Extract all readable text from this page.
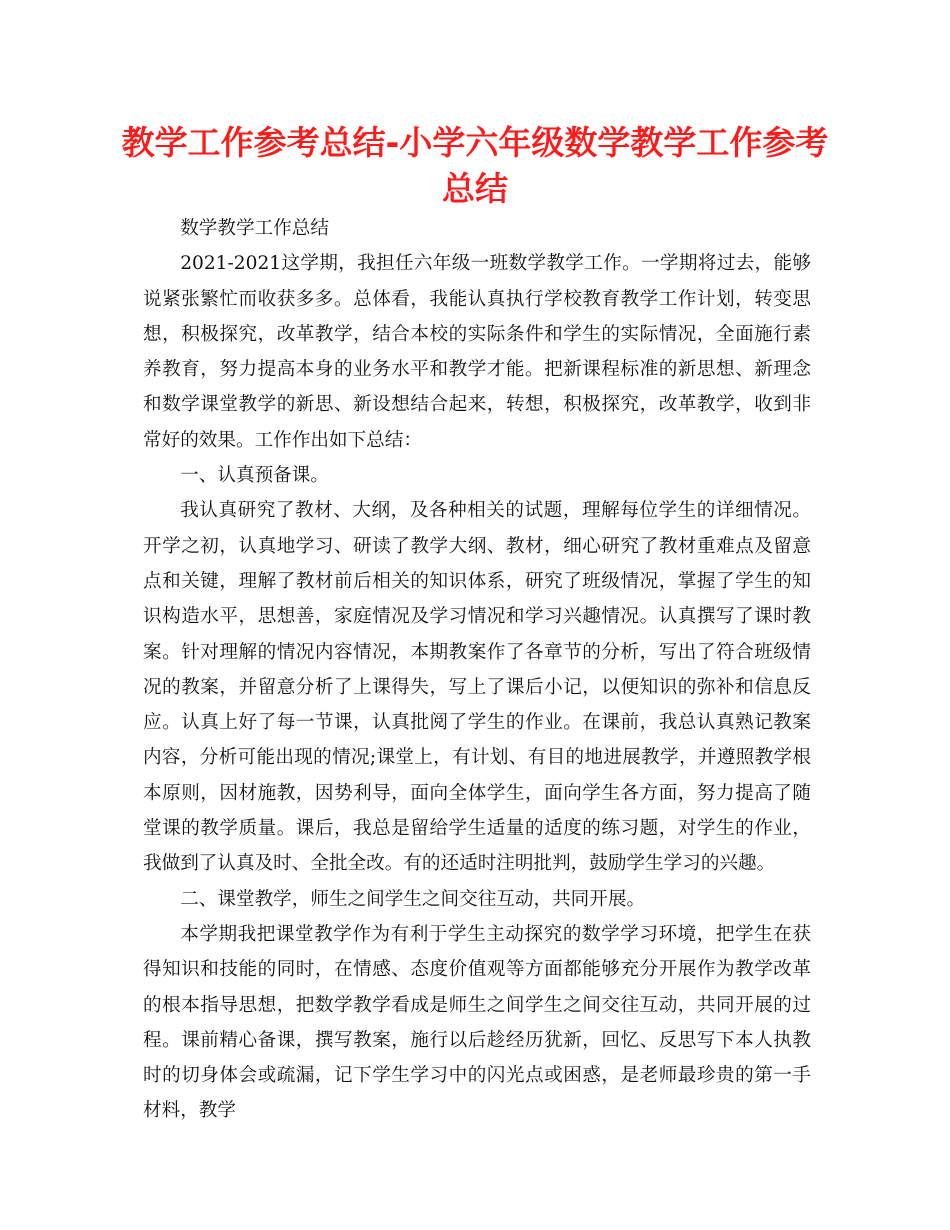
教学工作参考总结-小学六年级数学教学工作参考总结

数学教学工作总结

2021-2021这学期，我担任六年级一班数学教学工作。一学期将过去，能够说紧张繁忙而收获多多。总体看，我能认真执行学校教育教学工作计划，转变思想，积极探究，改革教学，结合本校的实际条件和学生的实际情况，全面施行素养教育，努力提高本身的业务水平和教学才能。把新课程标准的新思想、新理念和数学课堂教学的新思、新设想结合起来，转想，积极探究，改革教学，收到非常好的效果。工作作出如下总结：

一、认真预备课。

我认真研究了教材、大纲，及各种相关的试题，理解每位学生的详细情况。开学之初，认真地学习、研读了教学大纲、教材，细心研究了教材重难点及留意点和关键，理解了教材前后相关的知识体系，研究了班级情况，掌握了学生的知识构造水平，思想善，家庭情况及学习情况和学习兴趣情况。认真撰写了课时教案。针对理解的情况内容情况，本期教案作了各章节的分析，写出了符合班级情况的教案，并留意分析了上课得失，写上了课后小记，以便知识的弥补和信息反应。认真上好了每一节课，认真批阅了学生的作业。在课前，我总认真熟记教案内容，分析可能出现的情况;课堂上，有计划、有目的地进展教学，并遵照教学根本原则，因材施教，因势利导，面向全体学生，面向学生各方面，努力提高了随堂课的教学质量。课后，我总是留给学生适量的适度的练习题，对学生的作业，我做到了认真及时、全批全改。有的还适时注明批判，鼓励学生学习的兴趣。

二、课堂教学，师生之间学生之间交往互动，共同开展。

本学期我把课堂教学作为有利于学生主动探究的数学学习环境，把学生在获得知识和技能的同时，在情感、态度价值观等方面都能够充分开展作为教学改革的根本指导思想，把数学教学看成是师生之间学生之间交往互动，共同开展的过程。课前精心备课，撰写教案，施行以后趁经历犹新，回忆、反思写下本人执教时的切身体会或疏漏，记下学生学习中的闪光点或困惑，是老师最珍贵的第一手材料，教学
